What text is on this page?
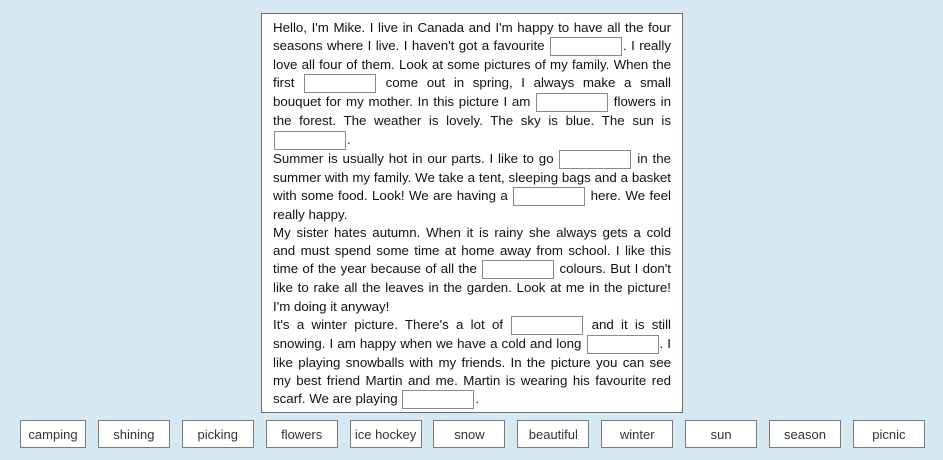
Hello, I'm Mike. I live in Canada and I'm happy to have all the four seasons where I live. I haven't got a favourite	. I really love all four of them. Look at some pictures of my family. When the first	come out in spring, I always make a small bouquet for my mother. In this picture I am	flowers in the forest. The weather is lovely. The sky is blue. The sun is .

Summer is usually hot in our parts. I like to go	in the summer with my family. We take a tent, sleeping bags and a basket with some food. Look! We are having a	here. We feel really happy.

My sister hates autumn. When it is rainy she always gets a cold and must spend some time at home away from school. I like this time of the year because of all the	colours. But I don't like to rake all the leaves in the garden. Look at me in the picture! I'm doing it anyway!

It's a winter picture. There's a lot of	and it is still snowing. I am happy when we have a cold and long	. I like playing snowballs with my friends. In the picture you can see my best friend Martin and me. Martin is wearing his favourite red scarf. We are playing	.

camping	shining	picking	flowers	ice hockey	snow	beautiful	winter	sun	season	picnic
